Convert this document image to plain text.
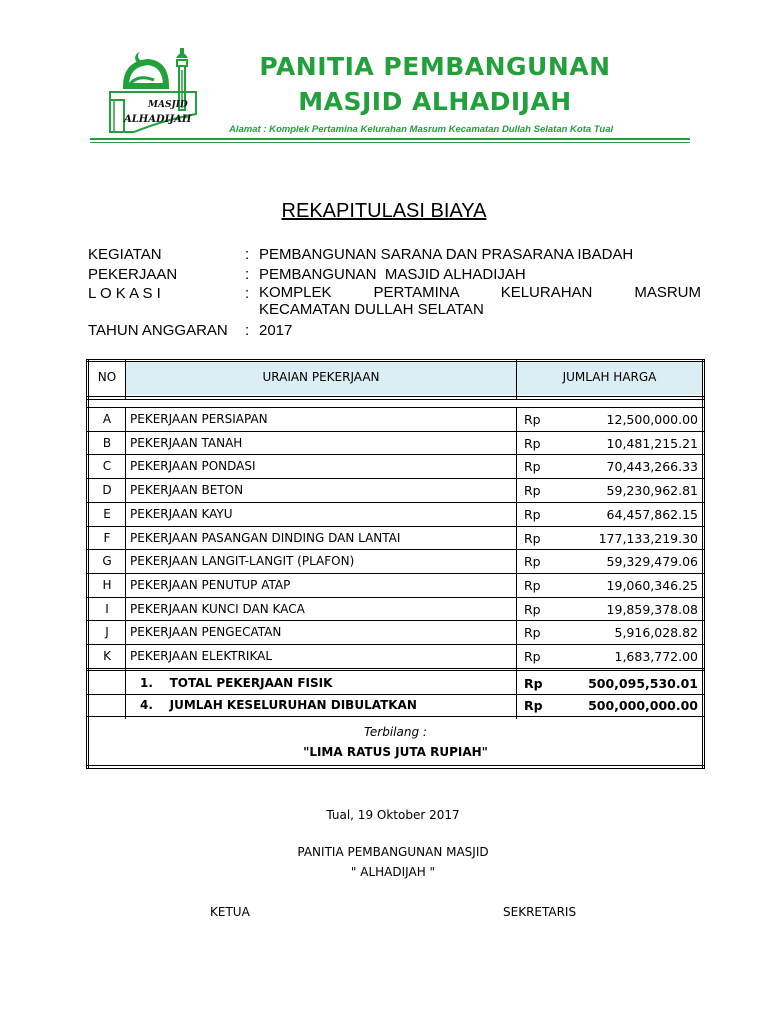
MASJID
ALHADIJAH
PANITIA PEMBANGUNAN
MASJID ALHADIJAH
Alamat : Komplek Pertamina Kelurahan Masrum Kecamatan Dullah Selatan Kota Tual
REKAPITULASI BIAYA
KEGIATAN	: PEMBANGUNAN SARANA DAN PRASARANA IBADAH
PEKERJAAN	: PEMBANGUNAN  MASJID ALHADIJAH
L O K A S I	: KOMPLEK PERTAMINA KELURAHAN MASRUM
KECAMATAN DULLAH SELATAN
TAHUN ANGGARAN : 2017
NO	URAIAN PEKERJAAN	JUMLAH HARGA
A	PEKERJAAN PERSIAPAN	Rp	12,500,000.00
B	PEKERJAAN TANAH	Rp	10,481,215.21
C	PEKERJAAN PONDASI	Rp	70,443,266.33
D	PEKERJAAN BETON	Rp	59,230,962.81
E	PEKERJAAN KAYU	Rp	64,457,862.15
F	PEKERJAAN PASANGAN DINDING DAN LANTAI	Rp	177,133,219.30
G	PEKERJAAN LANGIT-LANGIT (PLAFON)	Rp	59,329,479.06
H	PEKERJAAN PENUTUP ATAP	Rp	19,060,346.25
I	PEKERJAAN KUNCI DAN KACA	Rp	19,859,378.08
J	PEKERJAAN PENGECATAN	Rp	5,916,028.82
K	PEKERJAAN ELEKTRIKAL	Rp	1,683,772.00
1.    TOTAL PEKERJAAN FISIK	Rp	500,095,530.01
4.    JUMLAH KESELURUHAN DIBULATKAN	Rp	500,000,000.00
Terbilang :
"LIMA RATUS JUTA RUPIAH"
Tual, 19 Oktober 2017
PANITIA PEMBANGUNAN MASJID
" ALHADIJAH "
KETUA	SEKRETARIS
